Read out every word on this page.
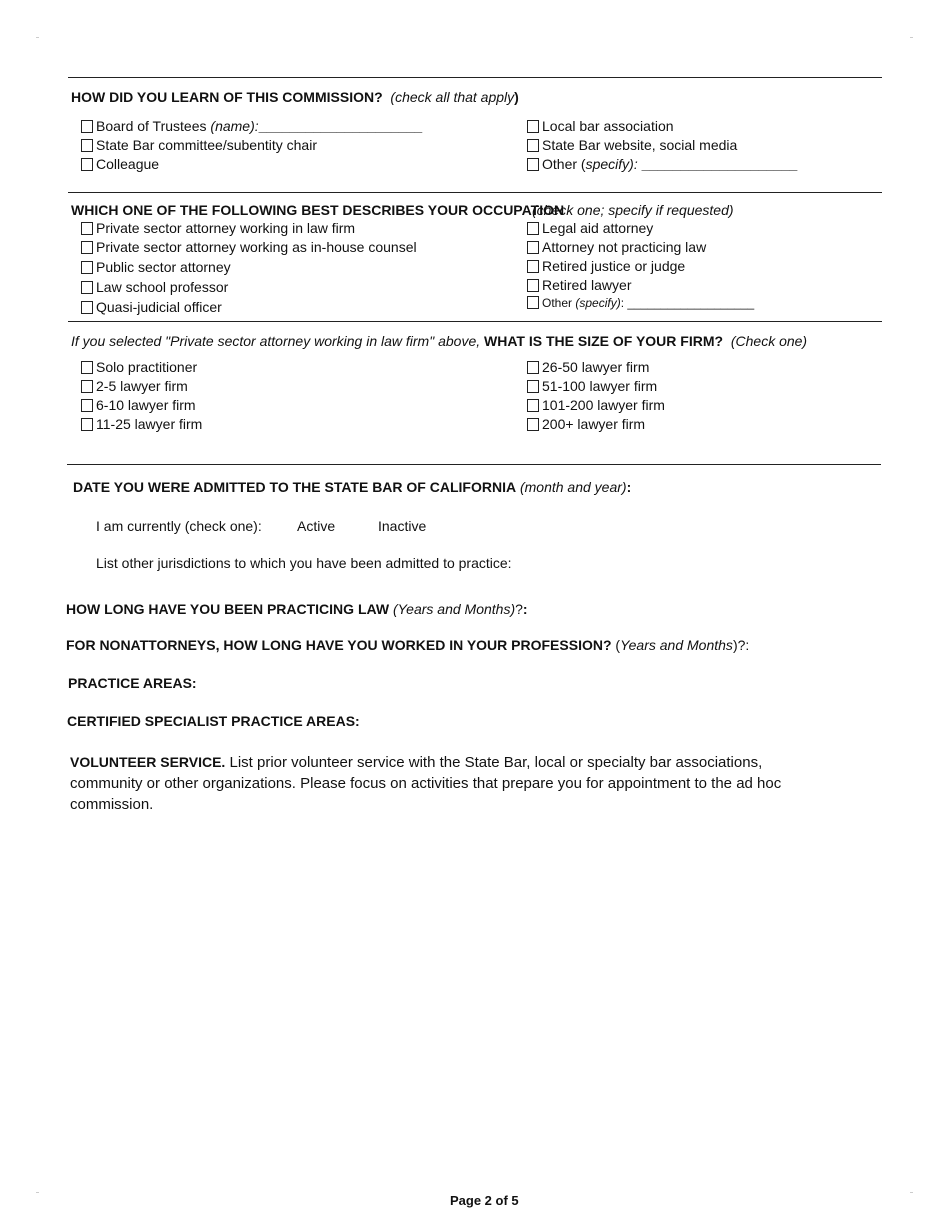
HOW DID YOU LEARN OF THIS COMMISSION? (check all that apply)
Board of Trustees (name):_____________________
State Bar committee/subentity chair
Colleague
Local bar association
State Bar website, social media
Other (specify): ____________________
WHICH ONE OF THE FOLLOWING BEST DESCRIBES YOUR OCCUPATION
(check one; specify if requested)
Private sector attorney working in law firm
Private sector attorney working as in-house counsel
Public sector attorney
Law school professor
Quasi-judicial officer
Legal aid attorney
Attorney not practicing law
Retired justice or judge
Retired lawyer
Other (specify): ___________________
If you selected "Private sector attorney working in law firm" above, WHAT IS THE SIZE OF YOUR FIRM? (Check one)
Solo practitioner
2-5 lawyer firm
6-10 lawyer firm
11-25 lawyer firm
26-50 lawyer firm
51-100 lawyer firm
101-200 lawyer firm
200+ lawyer firm
DATE YOU WERE ADMITTED TO THE STATE BAR OF CALIFORNIA (month and year):
I am currently (check one):	Active	Inactive
List other jurisdictions to which you have been admitted to practice:
HOW LONG HAVE YOU BEEN PRACTICING LAW (Years and Months)?:
FOR NONATTORNEYS, HOW LONG HAVE YOU WORKED IN YOUR PROFESSION? (Years and Months)?:
PRACTICE AREAS:
CERTIFIED SPECIALIST PRACTICE AREAS:
VOLUNTEER SERVICE. List prior volunteer service with the State Bar, local or specialty bar associations,
community or other organizations. Please focus on activities that prepare you for appointment to the ad hoc
commission.
Page 2 of 5
